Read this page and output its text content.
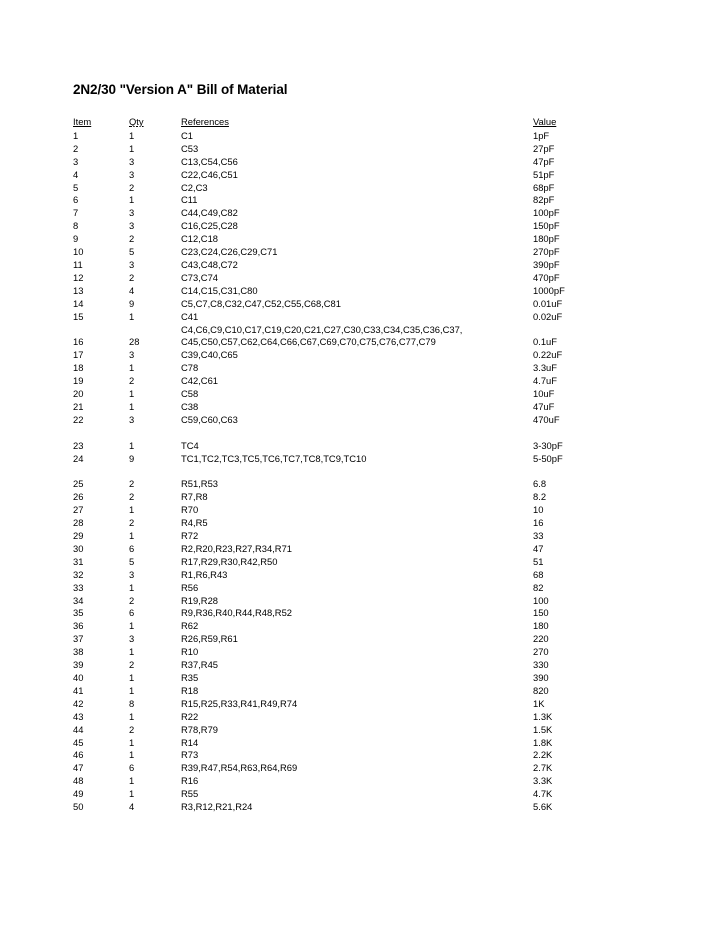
2N2/30 "Version A" Bill of Material
Item	Qty	References	Value
1	1	C1	1pF
2	1	C53	27pF
3	3	C13,C54,C56	47pF
4	3	C22,C46,C51	51pF
5	2	C2,C3	68pF
6	1	C11	82pF
7	3	C44,C49,C82	100pF
8	3	C16,C25,C28	150pF
9	2	C12,C18	180pF
10	5	C23,C24,C26,C29,C71	270pF
11	3	C43,C48,C72	390pF
12	2	C73,C74	470pF
13	4	C14,C15,C31,C80	1000pF
14	9	C5,C7,C8,C32,C47,C52,C55,C68,C81	0.01uF
15	1	C41	0.02uF
		C4,C6,C9,C10,C17,C19,C20,C21,C27,C30,C33,C34,C35,C36,C37,	
16	28	C45,C50,C57,C62,C64,C66,C67,C69,C70,C75,C76,C77,C79	0.1uF
17	3	C39,C40,C65	0.22uF
18	1	C78	3.3uF
19	2	C42,C61	4.7uF
20	1	C58	10uF
21	1	C38	47uF
22	3	C59,C60,C63	470uF

23	1	TC4	3-30pF
24	9	TC1,TC2,TC3,TC5,TC6,TC7,TC8,TC9,TC10	5-50pF

25	2	R51,R53	6.8
26	2	R7,R8	8.2
27	1	R70	10
28	2	R4,R5	16
29	1	R72	33
30	6	R2,R20,R23,R27,R34,R71	47
31	5	R17,R29,R30,R42,R50	51
32	3	R1,R6,R43	68
33	1	R56	82
34	2	R19,R28	100
35	6	R9,R36,R40,R44,R48,R52	150
36	1	R62	180
37	3	R26,R59,R61	220
38	1	R10	270
39	2	R37,R45	330
40	1	R35	390
41	1	R18	820
42	8	R15,R25,R33,R41,R49,R74	1K
43	1	R22	1.3K
44	2	R78,R79	1.5K
45	1	R14	1.8K
46	1	R73	2.2K
47	6	R39,R47,R54,R63,R64,R69	2.7K
48	1	R16	3.3K
49	1	R55	4.7K
50	4	R3,R12,R21,R24	5.6K
